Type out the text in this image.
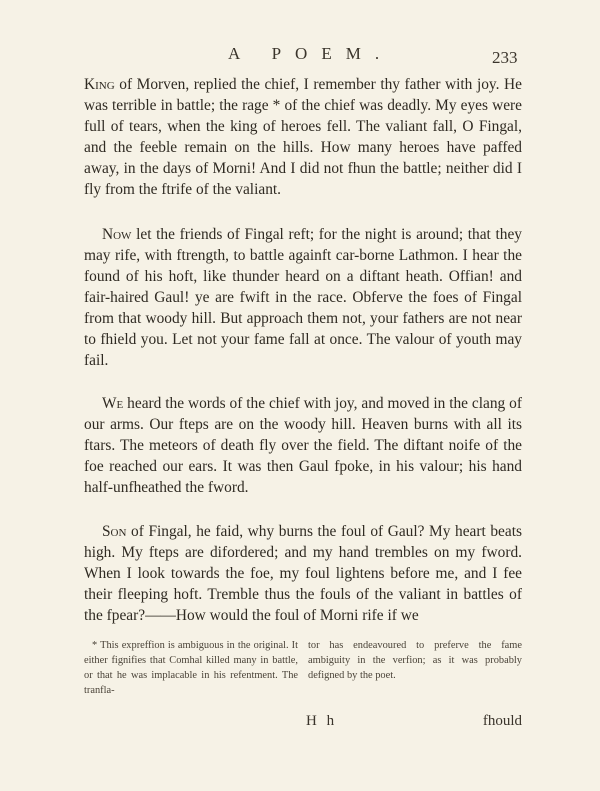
A POEM.	233

King of Morven, replied the chief, I remember thy father with joy. He was terrible in battle; the rage * of the chief was deadly. My eyes were full of tears, when the king of heroes fell. The valiant fall, O Fingal, and the feeble remain on the hills. How many heroes have paffed away, in the days of Morni! And I did not fhun the battle; neither did I fly from the ftrife of the valiant.

Now let the friends of Fingal reft; for the night is around; that they may rife, with ftrength, to battle againft car-borne Lathmon. I hear the found of his hoft, like thunder heard on a diftant heath. Offian! and fair-haired Gaul! ye are fwift in the race. Obferve the foes of Fingal from that woody hill. But approach them not, your fathers are not near to fhield you. Let not your fame fall at once. The valour of youth may fail.

We heard the words of the chief with joy, and moved in the clang of our arms. Our fteps are on the woody hill. Heaven burns with all its ftars. The meteors of death fly over the field. The diftant noife of the foe reached our ears. It was then Gaul fpoke, in his valour; his hand half-unfheathed the fword.

Son of Fingal, he faid, why burns the foul of Gaul? My heart beats high. My fteps are difordered; and my hand trembles on my fword. When I look towards the foe, my foul lightens before me, and I fee their fleeping hoft. Tremble thus the fouls of the valiant in battles of the fpear?——How would the foul of Morni rife if we

* This expreffion is ambiguous in the original. It either fignifies that Comhal killed many in battle, or that he was implacable in his refentment. The tranfla-
tor has endeavoured to preferve the fame ambiguity in the verfion; as it was probably defigned by the poet.
H h	fhould
